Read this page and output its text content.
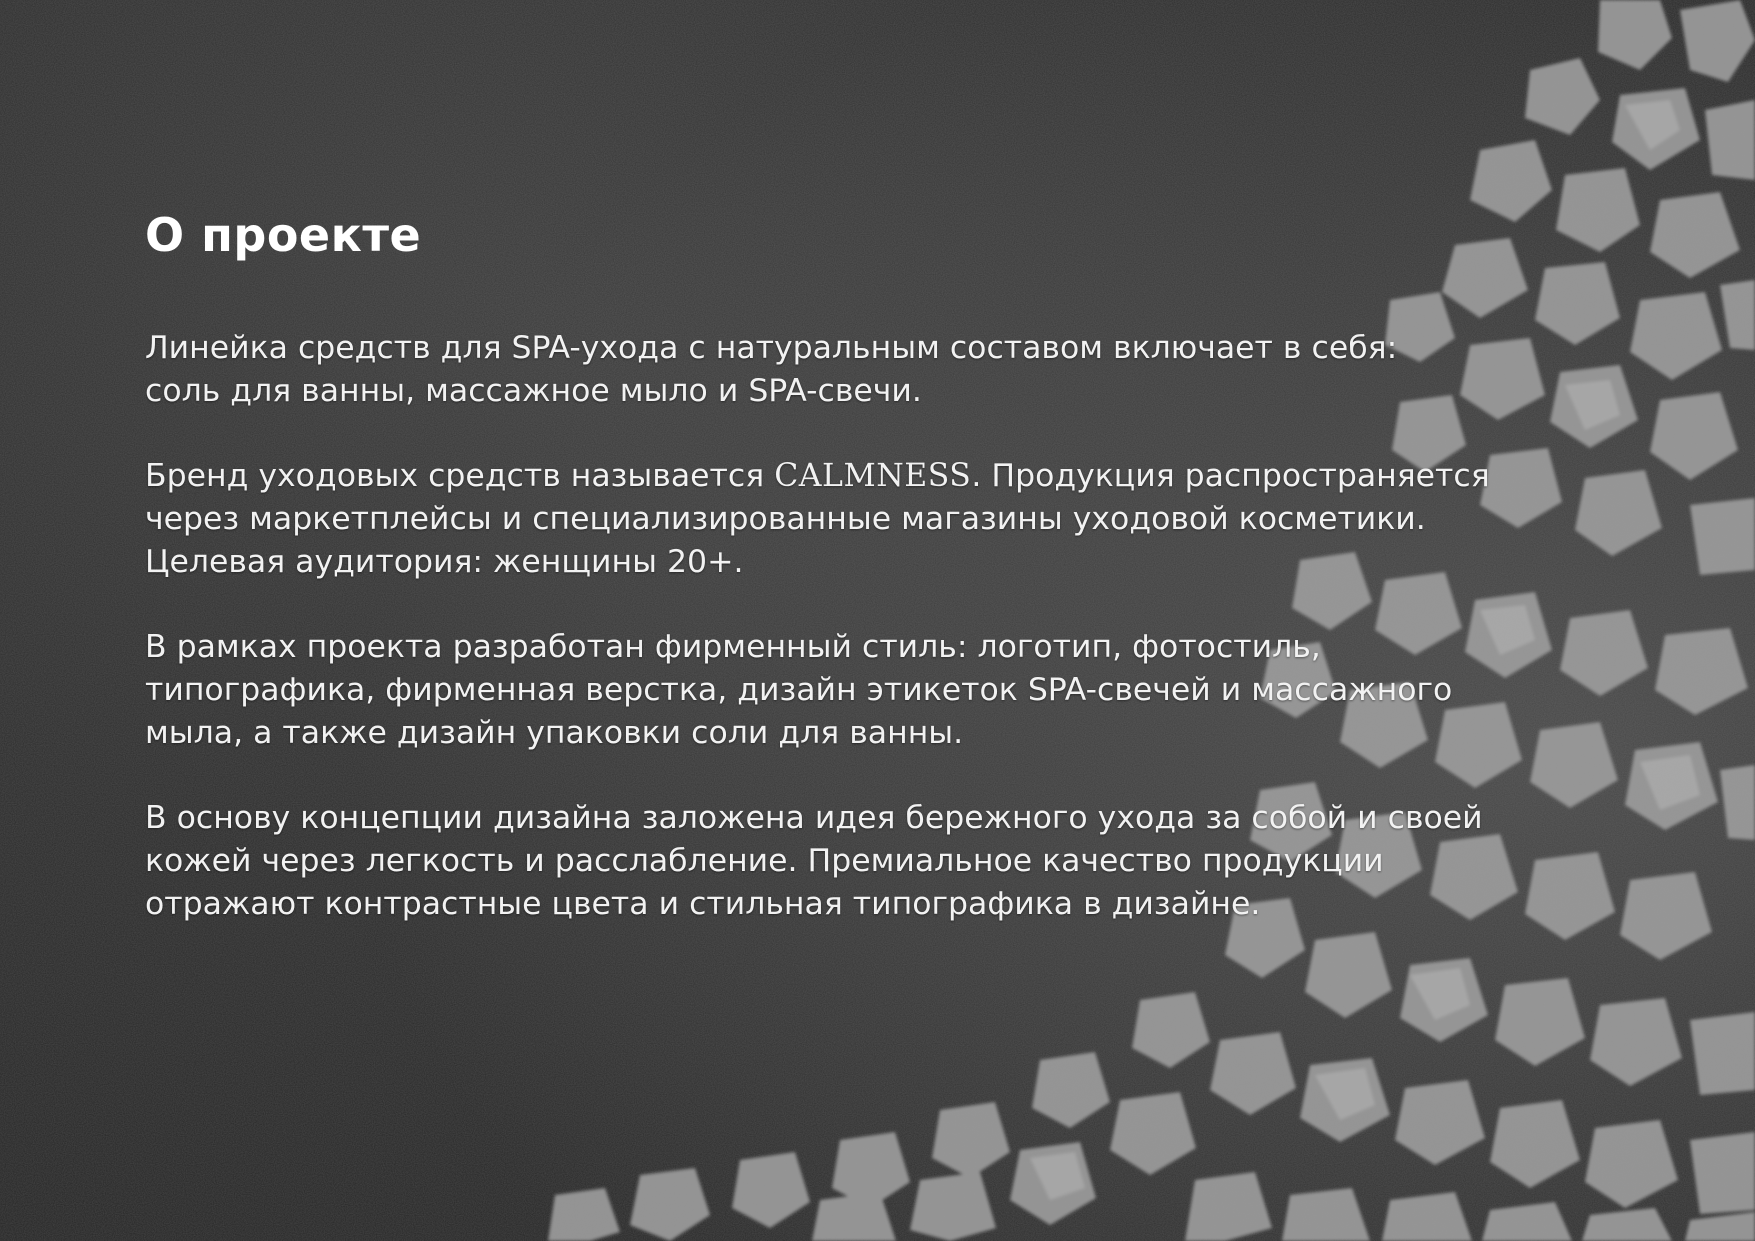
О проекте

Линейка средств для SPA-ухода с натуральным составом включает в себя:
соль для ванны, массажное мыло и SPA-свечи.

Бренд уходовых средств называется CALMNESS. Продукция распространяется
через маркетплейсы и специализированные магазины уходовой косметики.
Целевая аудитория: женщины 20+.

В рамках проекта разработан фирменный стиль: логотип, фотостиль,
типографика, фирменная верстка, дизайн этикеток SPA-свечей и массажного
мыла, а также дизайн упаковки соли для ванны.

В основу концепции дизайна заложена идея бережного ухода за собой и своей
кожей через легкость и расслабление. Премиальное качество продукции
отражают контрастные цвета и стильная типографика в дизайне.
